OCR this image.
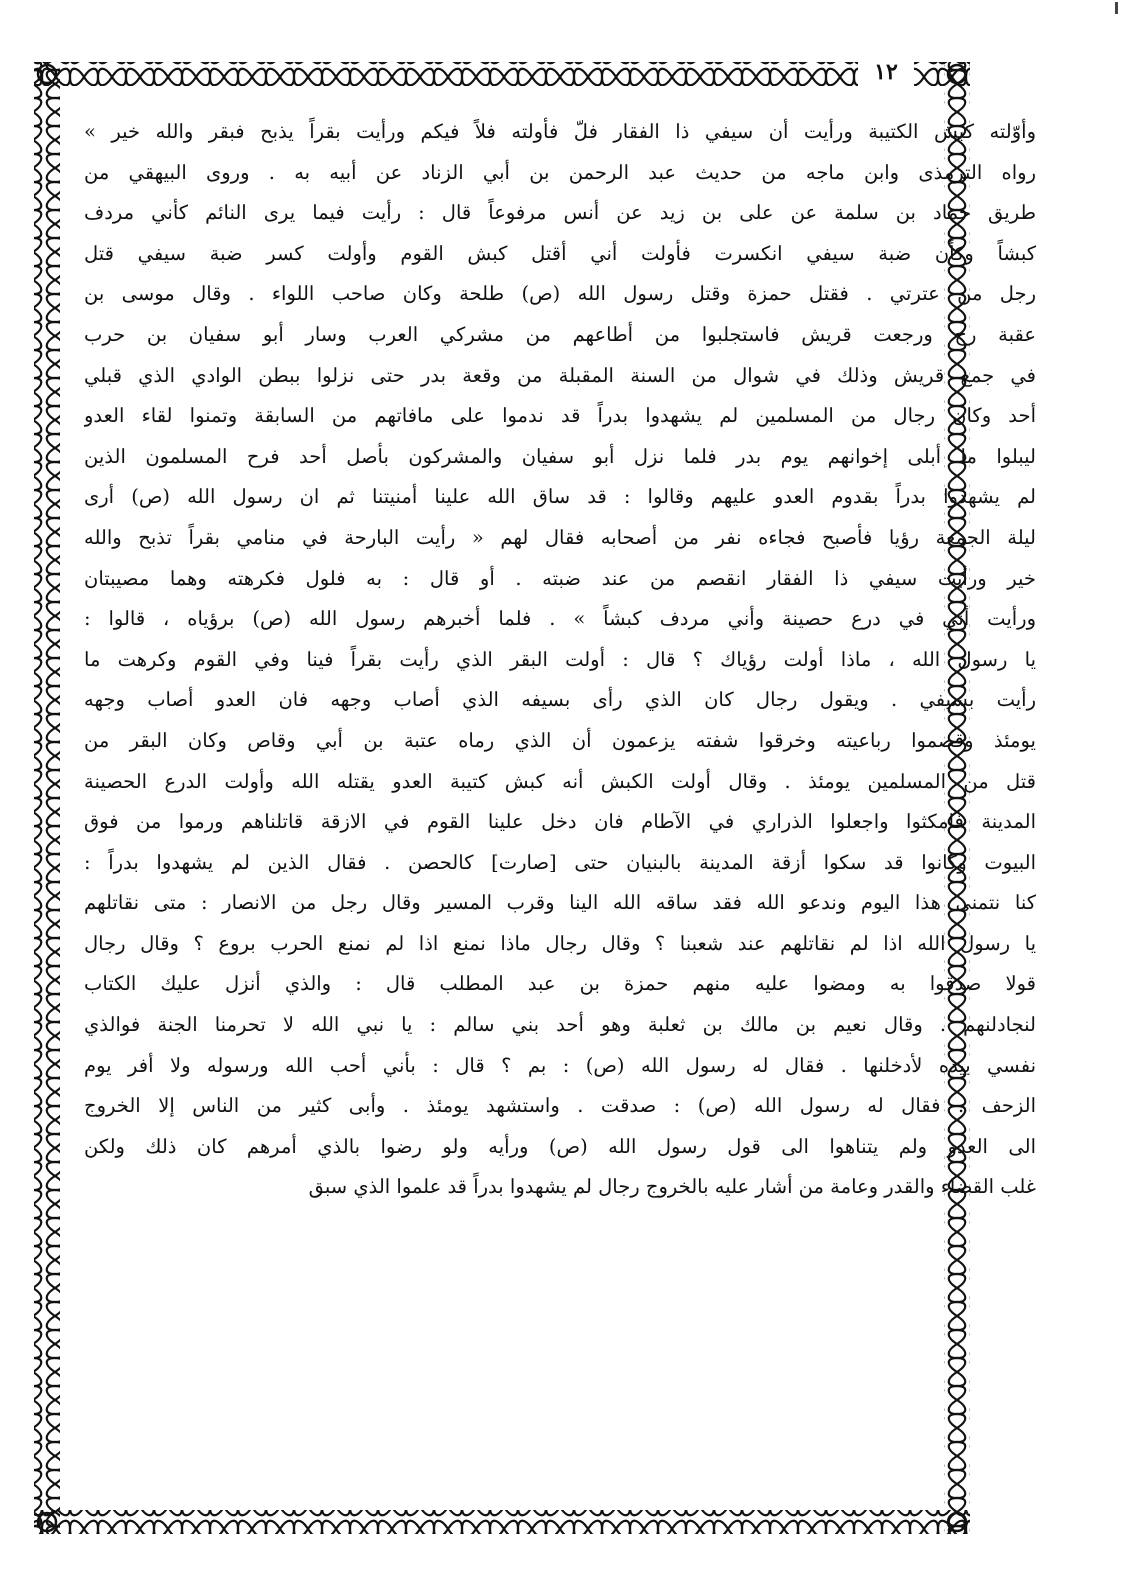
١٢
وأوّلته كبش الكتيبة ورأيت أن سيفي ذا الفقار فلّ فأولته فلاً فيكم ورأيت بقراً يذبح فبقر والله خير »
رواه الترمذى وابن ماجه من حديث عبد الرحمن بن أبي الزناد عن أبيه به . وروى البيهقي من
طريق حماد بن سلمة عن على بن زيد عن أنس مرفوعاً قال : رأيت فيما يرى النائم كأني مردف
كبشاً وكأن ضبة سيفي انكسرت فأولت أني أقتل كبش القوم وأولت كسر ضبة سيفي قتل
رجل من عترتي . فقتل حمزة وقتل رسول الله (ص) طلحة وكان صاحب اللواء . وقال موسى بن
عقبة رح ورجعت قريش فاستجلبوا من أطاعهم من مشركي العرب وسار أبو سفيان بن حرب
في جمع قريش وذلك في شوال من السنة المقبلة من وقعة بدر حتى نزلوا ببطن الوادي الذي قبلي
أحد وكان رجال من المسلمين لم يشهدوا بدراً قد ندموا على مافاتهم من السابقة وتمنوا لقاء العدو
ليبلوا ما أبلى إخوانهم يوم بدر فلما نزل أبو سفيان والمشركون بأصل أحد فرح المسلمون الذين
لم يشهدوا بدراً بقدوم العدو عليهم وقالوا : قد ساق الله علينا أمنيتنا ثم ان رسول الله (ص) أرى
ليلة الجمعة رؤيا فأصبح فجاءه نفر من أصحابه فقال لهم « رأيت البارحة في منامي بقراً تذبح والله
خير ورأيت سيفي ذا الفقار انقصم من عند ضبته . أو قال : به فلول فكرهته وهما مصيبتان
ورأيت أني في درع حصينة وأني مردف كبشاً » . فلما أخبرهم رسول الله (ص) برؤياه ، قالوا :
يا رسول الله ، ماذا أولت رؤياك ؟ قال : أولت البقر الذي رأيت بقراً فينا وفي القوم وكرهت ما
رأيت بسيفي . ويقول رجال كان الذي رأى بسيفه الذي أصاب وجهه فان العدو أصاب وجهه
يومئذ وقصموا رباعيته وخرقوا شفته يزعمون أن الذي رماه عتبة بن أبي وقاص وكان البقر من
قتل من المسلمين يومئذ . وقال أولت الكبش أنه كبش كتيبة العدو يقتله الله وأولت الدرع الحصينة
المدينة فامكثوا واجعلوا الذراري في الآطام فان دخل علينا القوم في الازقة قاتلناهم ورموا من فوق
البيوت وكانوا قد سكوا أزقة المدينة بالبنيان حتى [صارت] كالحصن . فقال الذين لم يشهدوا بدراً :
كنا نتمنى هذا اليوم وندعو الله فقد ساقه الله الينا وقرب المسير وقال رجل من الانصار : متى نقاتلهم
يا رسول الله اذا لم نقاتلهم عند شعبنا ؟ وقال رجال ماذا نمنع اذا لم نمنع الحرب بروع ؟ وقال رجال
قولا صدقوا به ومضوا عليه منهم حمزة بن عبد المطلب قال : والذي أنزل عليك الكتاب
لنجادلنهم . وقال نعيم بن مالك بن ثعلبة وهو أحد بني سالم : يا نبي الله لا تحرمنا الجنة فوالذي
نفسي بيده لأدخلنها . فقال له رسول الله (ص) : بم ؟ قال : بأني أحب الله ورسوله ولا أفر يوم
الزحف . فقال له رسول الله (ص) : صدقت . واستشهد يومئذ . وأبى كثير من الناس إلا الخروج
الى العدو ولم يتناهوا الى قول رسول الله (ص) ورأيه ولو رضوا بالذي أمرهم كان ذلك ولكن
غلب القضاء والقدر وعامة من أشار عليه بالخروج رجال لم يشهدوا بدراً قد علموا الذي سبق
